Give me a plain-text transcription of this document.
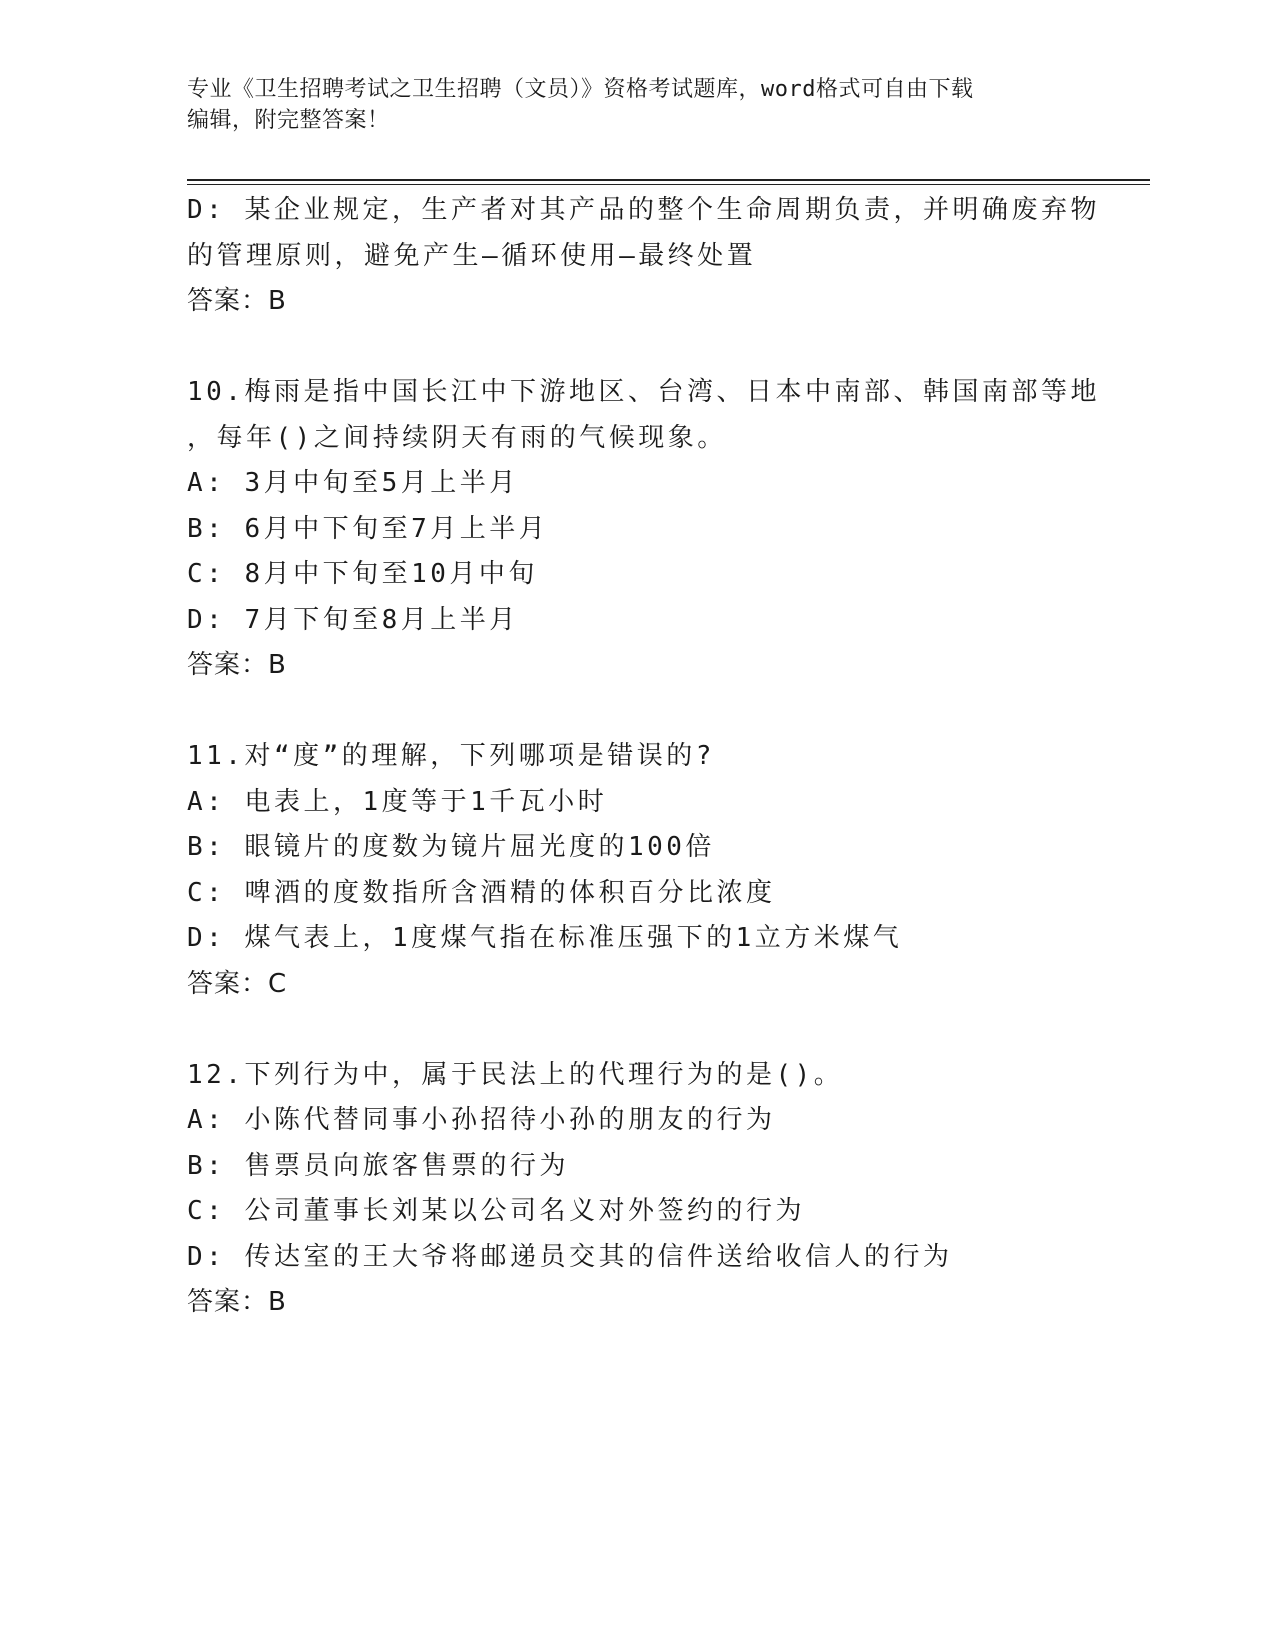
专业《卫生招聘考试之卫生招聘（文员）》资格考试题库，word格式可自由下载
编辑，附完整答案！
D: 某企业规定，生产者对其产品的整个生命周期负责，并明确废弃物
的管理原则，避免产生—循环使用—最终处置
答案：B
10.梅雨是指中国长江中下游地区、台湾、日本中南部、韩国南部等地
，每年()之间持续阴天有雨的气候现象。
A: 3月中旬至5月上半月
B: 6月中下旬至7月上半月
C: 8月中下旬至10月中旬
D: 7月下旬至8月上半月
答案：B
11.对“度”的理解，下列哪项是错误的?
A: 电表上，1度等于1千瓦小时
B: 眼镜片的度数为镜片屈光度的100倍
C: 啤酒的度数指所含酒精的体积百分比浓度
D: 煤气表上，1度煤气指在标准压强下的1立方米煤气
答案：C
12.下列行为中，属于民法上的代理行为的是()。
A: 小陈代替同事小孙招待小孙的朋友的行为
B: 售票员向旅客售票的行为
C: 公司董事长刘某以公司名义对外签约的行为
D: 传达室的王大爷将邮递员交其的信件送给收信人的行为
答案：B
